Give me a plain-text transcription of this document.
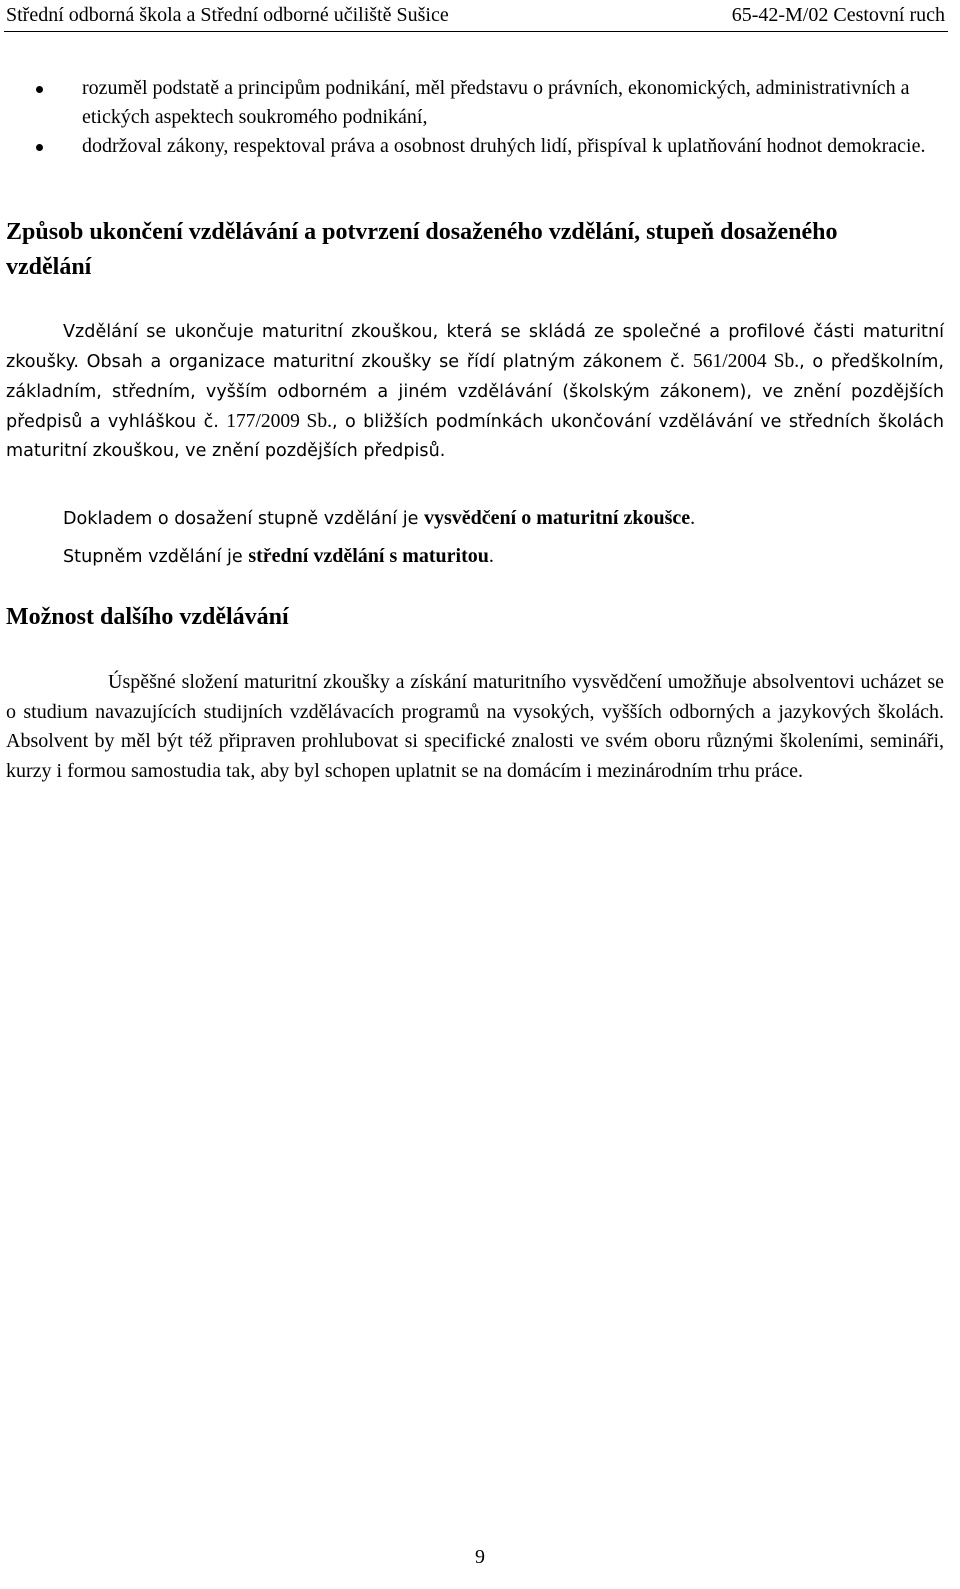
Střední odborná škola a Střední odborné učiliště Sušice	65-42-M/02 Cestovní ruch
rozuměl podstatě a principům podnikání, měl představu o právních, ekonomických, administrativních a etických aspektech soukromého podnikání,
dodržoval zákony, respektoval práva a osobnost druhých lidí, přispíval k uplatňování hodnot demokracie.
Způsob ukončení vzdělávání a potvrzení dosaženého vzdělání, stupeň dosaženého vzdělání

Vzdělání se ukončuje maturitní zkouškou, která se skládá ze společné a profilové části maturitní zkoušky. Obsah a organizace maturitní zkoušky se řídí platným zákonem č. 561/2004 Sb., o předškolním, základním, středním, vyšším odborném a jiném vzdělávání (školským zákonem), ve znění pozdějších předpisů a vyhláškou č. 177/2009 Sb., o bližších podmínkách ukončování vzdělávání ve středních školách maturitní zkouškou, ve znění pozdějších předpisů.

Dokladem o dosažení stupně vzdělání je vysvědčení o maturitní zkoušce.

Stupněm vzdělání je střední vzdělání s maturitou.

Možnost dalšího vzdělávání

Úspěšné složení maturitní zkoušky a získání maturitního vysvědčení umožňuje absolventovi ucházet se o studium navazujících studijních vzdělávacích programů na vysokých, vyšších odborných a jazykových školách. Absolvent by měl být též připraven prohlubovat si specifické znalosti ve svém oboru různými školeními, semináři, kurzy i formou samostudia tak, aby byl schopen uplatnit se na domácím i mezinárodním trhu práce.

9
